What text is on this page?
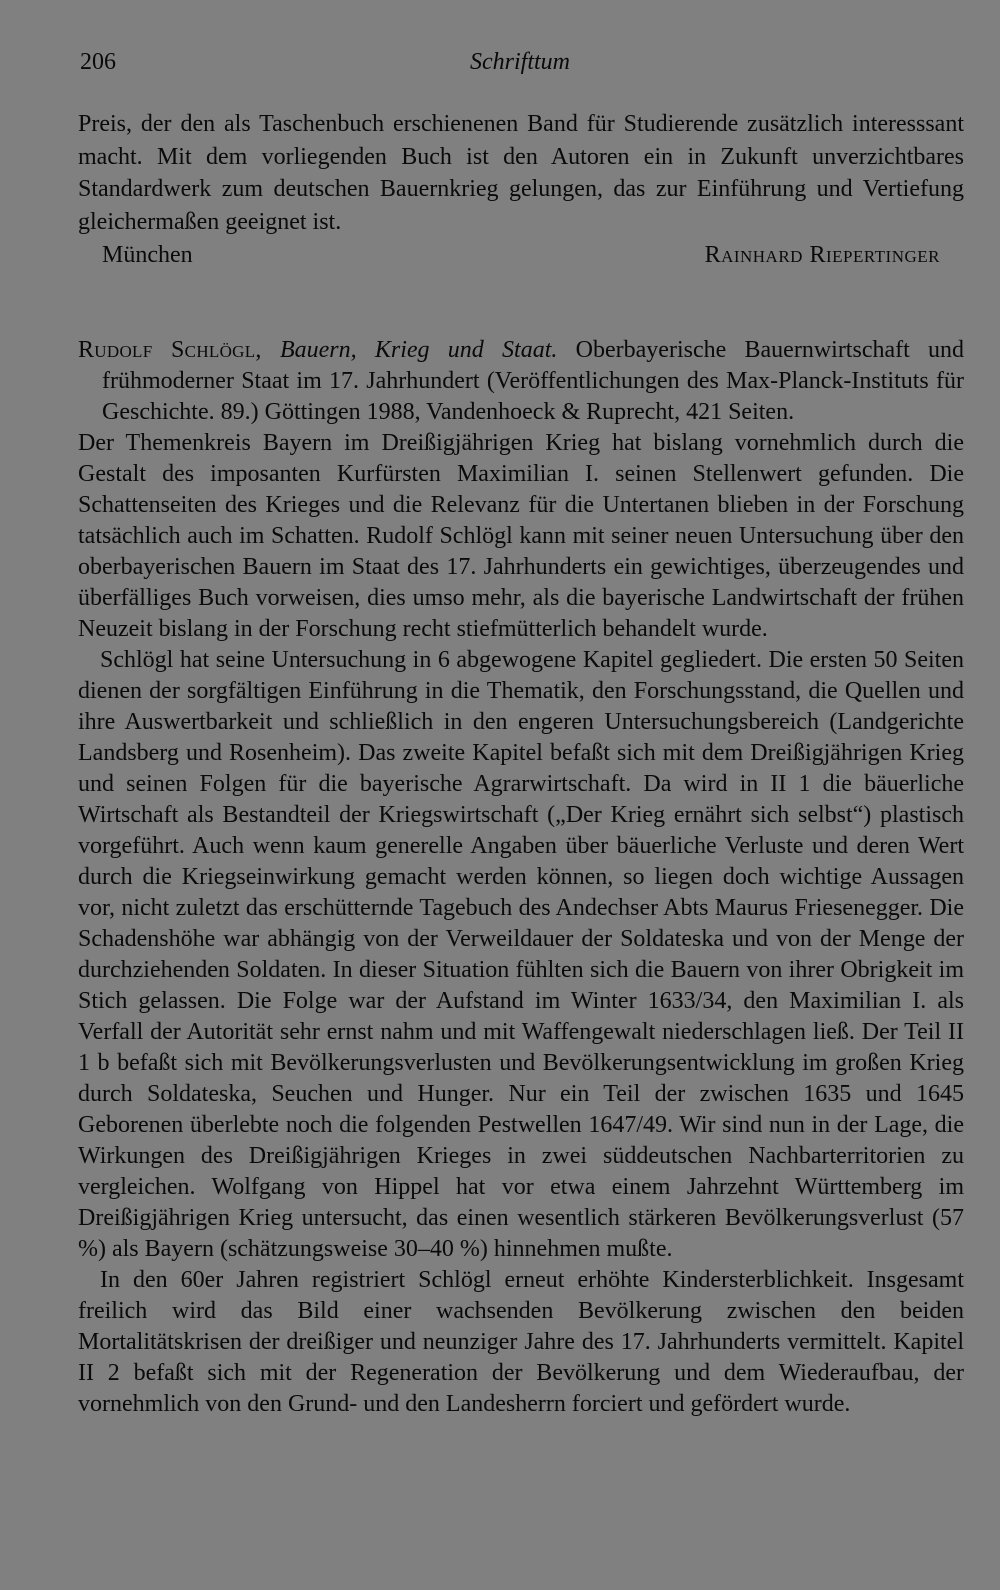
206	Schrifttum

Preis, der den als Taschenbuch erschienenen Band für Studierende zusätzlich interesssant macht. Mit dem vorliegenden Buch ist den Autoren ein in Zukunft unverzichtbares Standardwerk zum deutschen Bauernkrieg gelungen, das zur Einführung und Vertiefung gleichermaßen geeignet ist.

München	Rainhard Riepertinger

Rudolf Schlögl, Bauern, Krieg und Staat. Oberbayerische Bauernwirtschaft und frühmoderner Staat im 17. Jahrhundert (Veröffentlichungen des Max-Planck-Instituts für Geschichte. 89.) Göttingen 1988, Vandenhoeck & Ruprecht, 421 Seiten.

Der Themenkreis Bayern im Dreißigjährigen Krieg hat bislang vornehmlich durch die Gestalt des imposanten Kurfürsten Maximilian I. seinen Stellenwert gefunden. Die Schattenseiten des Krieges und die Relevanz für die Untertanen blieben in der Forschung tatsächlich auch im Schatten. Rudolf Schlögl kann mit seiner neuen Untersuchung über den oberbayerischen Bauern im Staat des 17. Jahrhunderts ein gewichtiges, überzeugendes und überfälliges Buch vorweisen, dies umso mehr, als die bayerische Landwirtschaft der frühen Neuzeit bislang in der Forschung recht stiefmütterlich behandelt wurde.

Schlögl hat seine Untersuchung in 6 abgewogene Kapitel gegliedert. Die ersten 50 Seiten dienen der sorgfältigen Einführung in die Thematik, den Forschungsstand, die Quellen und ihre Auswertbarkeit und schließlich in den engeren Untersuchungsbereich (Landgerichte Landsberg und Rosenheim). Das zweite Kapitel befaßt sich mit dem Dreißigjährigen Krieg und seinen Folgen für die bayerische Agrarwirtschaft. Da wird in II 1 die bäuerliche Wirtschaft als Bestandteil der Kriegswirtschaft („Der Krieg ernährt sich selbst“) plastisch vorgeführt. Auch wenn kaum generelle Angaben über bäuerliche Verluste und deren Wert durch die Kriegseinwirkung gemacht werden können, so liegen doch wichtige Aussagen vor, nicht zuletzt das erschütternde Tagebuch des Andechser Abts Maurus Friesenegger. Die Schadenshöhe war abhängig von der Verweildauer der Soldateska und von der Menge der durchziehenden Soldaten. In dieser Situation fühlten sich die Bauern von ihrer Obrigkeit im Stich gelassen. Die Folge war der Aufstand im Winter 1633/34, den Maximilian I. als Verfall der Autorität sehr ernst nahm und mit Waffengewalt niederschlagen ließ. Der Teil II 1 b befaßt sich mit Bevölkerungsverlusten und Bevölkerungsentwicklung im großen Krieg durch Soldateska, Seuchen und Hunger. Nur ein Teil der zwischen 1635 und 1645 Geborenen überlebte noch die folgenden Pestwellen 1647/49. Wir sind nun in der Lage, die Wirkungen des Dreißigjährigen Krieges in zwei süddeutschen Nachbarterritorien zu vergleichen. Wolfgang von Hippel hat vor etwa einem Jahrzehnt Württemberg im Dreißigjährigen Krieg untersucht, das einen wesentlich stärkeren Bevölkerungsverlust (57 %) als Bayern (schätzungsweise 30–40 %) hinnehmen mußte.

In den 60er Jahren registriert Schlögl erneut erhöhte Kindersterblichkeit. Insgesamt freilich wird das Bild einer wachsenden Bevölkerung zwischen den beiden Mortalitätskrisen der dreißiger und neunziger Jahre des 17. Jahrhunderts vermittelt. Kapitel II 2 befaßt sich mit der Regeneration der Bevölkerung und dem Wiederaufbau, der vornehmlich von den Grund- und den Landesherrn forciert und gefördert wurde.
